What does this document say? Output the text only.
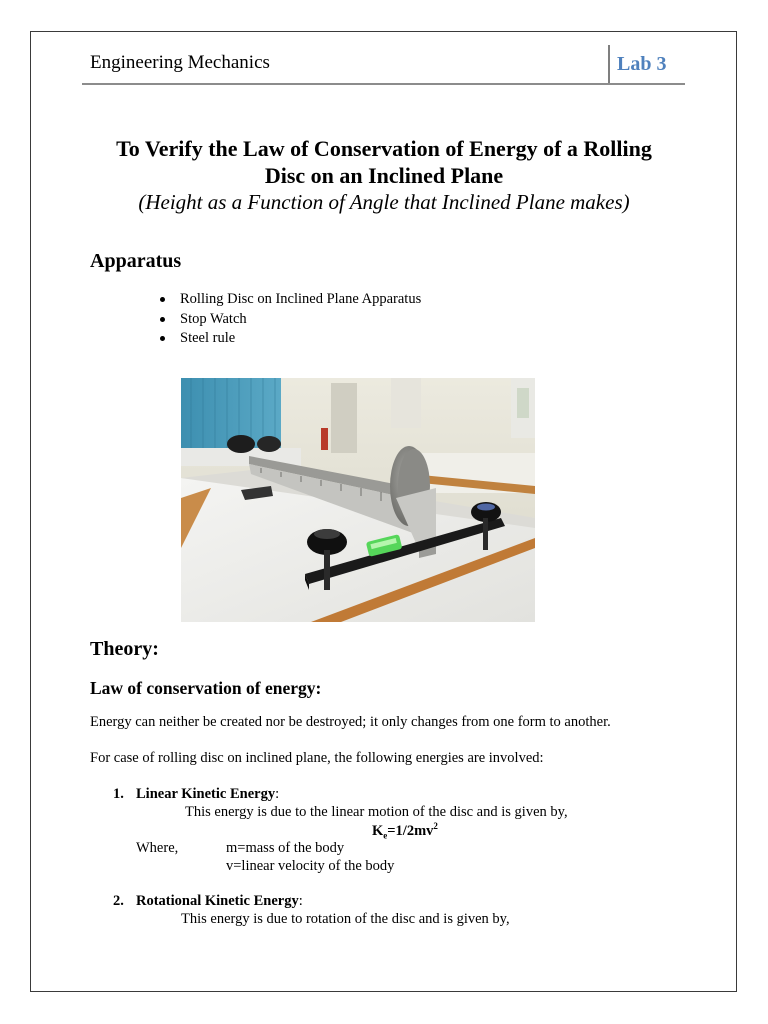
Engineering Mechanics	Lab 3
To Verify the Law of Conservation of Energy of a Rolling
Disc on an Inclined Plane
(Height as a Function of Angle that Inclined Plane makes)
Apparatus
Rolling Disc on Inclined Plane Apparatus
Stop Watch
Steel rule
Theory:
Law of conservation of energy:
Energy can neither be created nor be destroyed; it only changes from one form to another.
For case of rolling disc on inclined plane, the following energies are involved:
1. Linear Kinetic Energy:
This energy is due to the linear motion of the disc and is given by,
$K_e=1/2mv^2$
Where,	m=mass of the body
v=linear velocity of the body
2. Rotational Kinetic Energy:
This energy is due to rotation of the disc and is given by,
